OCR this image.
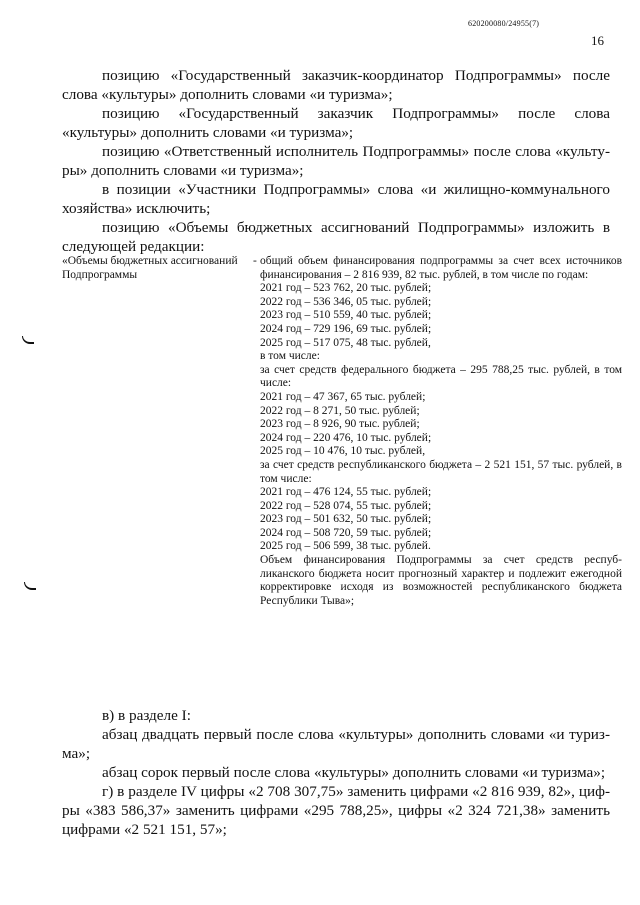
620200080/24955(7)
16

позицию «Государственный заказчик-координатор Подпрограммы» после слова «культуры» дополнить словами «и туризма»;

позицию «Государственный заказчик Подпрограммы» после слова «культуры» дополнить словами «и туризма»;

позицию «Ответственный исполнитель Подпрограммы» после слова «культуры» дополнить словами «и туризма»;

в позиции «Участники Подпрограммы» слова «и жилищно-коммунального хозяйства» исключить;

позицию «Объемы бюджетных ассигнований Подпрограммы» изложить в следующей редакции:

«Объемы бюджетных ассигнований Подпрограммы
- общий объем финансирования подпрограммы за счет всех источников финансирования – 2 816 939, 82 тыс. рублей, в том числе по годам:
2021 год – 523 762, 20 тыс. рублей;
2022 год – 536 346, 05 тыс. рублей;
2023 год – 510 559, 40 тыс. рублей;
2024 год – 729 196, 69 тыс. рублей;
2025 год – 517 075, 48 тыс. рублей,
в том числе:
за счет средств федерального бюджета – 295 788,25 тыс. рублей, в том числе:
2021 год – 47 367, 65 тыс. рублей;
2022 год – 8 271, 50 тыс. рублей;
2023 год – 8 926, 90 тыс. рублей;
2024 год – 220 476, 10 тыс. рублей;
2025 год – 10 476, 10 тыс. рублей,
за счет средств республиканского бюджета – 2 521 151, 57 тыс. рублей, в том числе:
2021 год – 476 124, 55 тыс. рублей;
2022 год – 528 074, 55 тыс. рублей;
2023 год – 501 632, 50 тыс. рублей;
2024 год – 508 720, 59 тыс. рублей;
2025 год – 506 599, 38 тыс. рублей.
Объем финансирования Подпрограммы за счет средств республиканского бюджета носит прогнозный характер и подлежит ежегодной корректировке исходя из возможностей республиканского бюджета Республики Тыва»;

в) в разделе I:

абзац двадцать первый после слова «культуры» дополнить словами «и туризма»;

абзац сорок первый после слова «культуры» дополнить словами «и туризма»;

г) в разделе IV цифры «2 708 307,75» заменить цифрами «2 816 939, 82», цифры «383 586,37» заменить цифрами «295 788,25», цифры «2 324 721,38» заменить цифрами «2 521 151, 57»;
